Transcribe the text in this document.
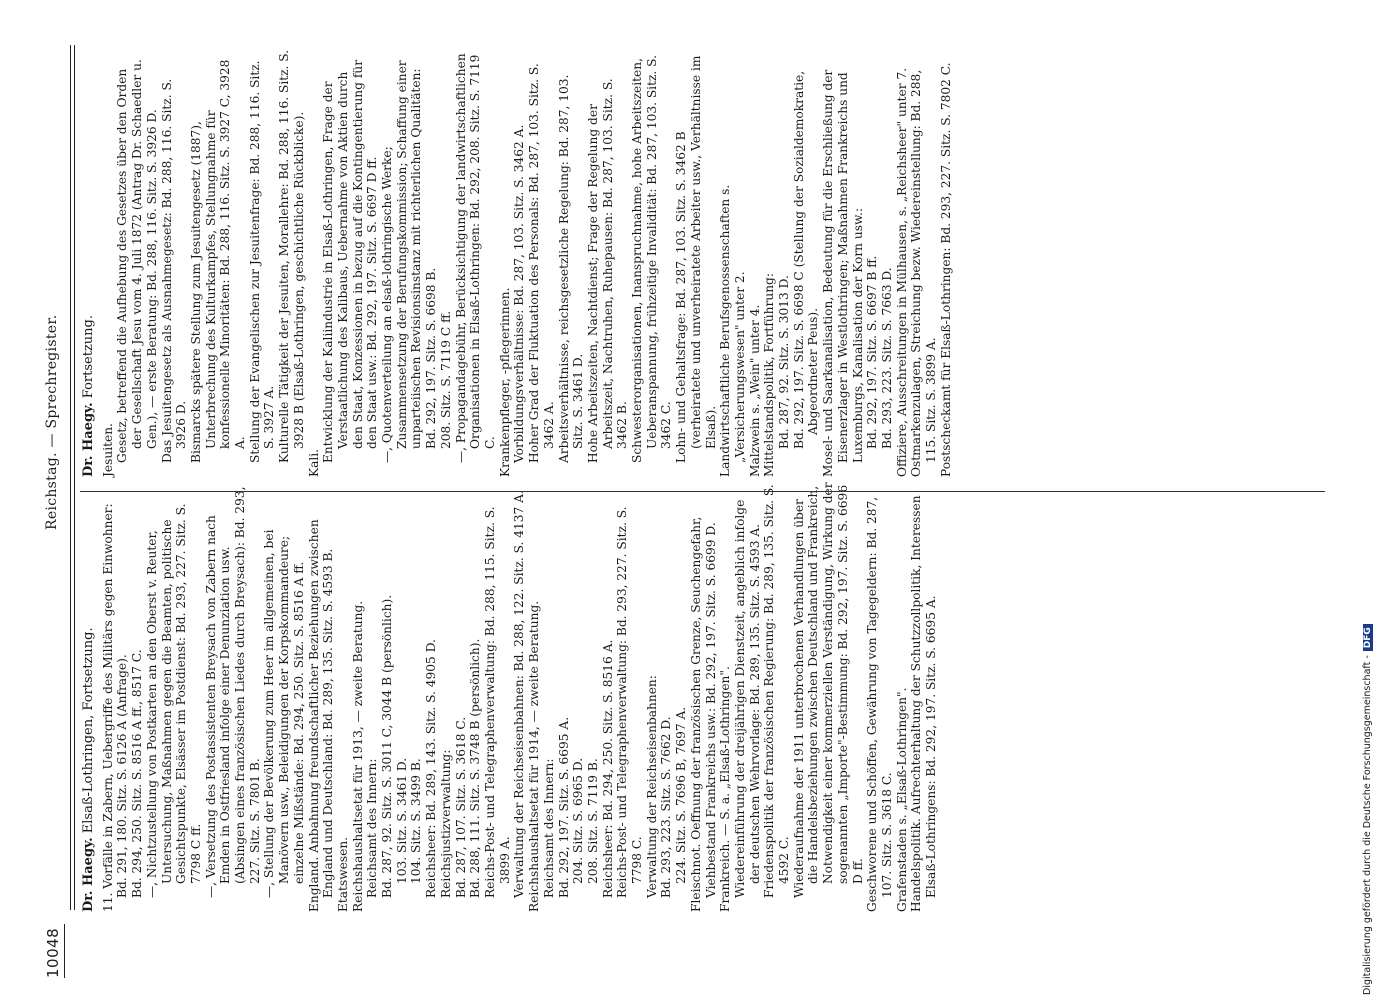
10048
Reichstag. — Sprechregister.

Dr. Haegy. Elsaß-Lothringen, Fortsetzung. 11. Vorfälle in Zabern, Uebergriffe des Militärs gegen Einwohner: Bd. 291, 180. Sitz. S. 6126 A (Anfrage). Bd. 294, 250. Sitz. S. 8516 A ff., 8517 C. —, Nichtzustellung von Postkarten an den Oberst v. Reuter, Untersuchung, Maßnahmen gegen die Beamten, politische Gesichtspunkte, Elsässer im Postdienst: Bd. 293, 227. Sitz. S. 7798 C ff. —, Versetzung des Postassistenten Breysach von Zabern nach Emden in Ostfriesland infolge einer Denunziation usw. (Absingen eines französischen Liedes durch Breysach): Bd. 293, 227. Sitz. S. 7801 B. —, Stellung der Bevölkerung zum Heer im allgemeinen, bei Manövern usw., Beleidigungen der Korpskommandeure; einzelne Mißstände: Bd. 294, 250. Sitz. S. 8516 A ff. England. Anbahnung freundschaftlicher Beziehungen zwischen England und Deutschland: Bd. 289, 135. Sitz. S. 4593 B. Etatswesen. Reichshaushaltsetat für 1913, — zweite Beratung. Reichsamt des Innern: Bd. 287, 92. Sitz. S. 3011 C, 3044 B (persönlich). 103. Sitz. S. 3461 D. 104. Sitz. S. 3499 B. Reichsheer: Bd. 289, 143. Sitz. S. 4905 D. Reichsjustizverwaltung: Bd. 287, 107. Sitz. S. 3618 C. Bd. 288, 111. Sitz. S. 3748 B (persönlich). Reichs-Post- und Telegraphenverwaltung: Bd. 288, 115. Sitz. S. 3899 A. Verwaltung der Reichseisenbahnen: Bd. 288, 122. Sitz. S. 4137 A. Reichshaushaltsetat für 1914, — zweite Beratung. Reichsamt des Innern: Bd. 292, 197. Sitz. S. 6695 A. 204. Sitz. S. 6965 D. 208. Sitz. S. 7119 B. Reichsheer: Bd. 294, 250. Sitz. S. 8516 A. Reichs-Post- und Telegraphenverwaltung: Bd. 293, 227. Sitz. S. 7798 C. Verwaltung der Reichseisenbahnen: Bd. 293, 223. Sitz. S. 7662 D. 224. Sitz. S. 7696 B, 7697 A. Fleischnot. Oeffnung der französischen Grenze, Seuchengefahr, Viehbestand Frankreichs usw.: Bd. 292, 197. Sitz. S. 6699 D. Frankreich. — S. a. „Elsaß-Lothringen". Wiedereinführung der dreijährigen Dienstzeit, angeblich infolge der deutschen Wehrvorlage: Bd. 289, 135. Sitz. S. 4593 A. Friedenspolitik der französischen Regierung: Bd. 289, 135. Sitz. S. 4592 C. Wiederaufnahme der 1911 unterbrochenen Verhandlungen über die Handelsbeziehungen zwischen Deutschland und Frankreich, Notwendigkeit einer kommerziellen Verständigung, Wirkung der sogenannten „Importe"-Bestimmung: Bd. 292, 197. Sitz. S. 6696 D ff. Geschworene und Schöffen, Gewährung von Tagegeldern: Bd. 287, 107. Sitz. S. 3618 C. Grafenstaden s. „Elsaß-Lothringen". Handelspolitik. Aufrechterhaltung der Schutzzollpolitik, Interessen Elsaß-Lothringens: Bd. 292, 197. Sitz. S. 6695 A.

Dr. Haegy. Fortsetzung.

Jesuiten. Gesetz, betreffend die Aufhebung des Gesetzes über den Orden der Gesellschaft Jesu vom 4. Juli 1872 (Antrag Dr. Schaedler u. Gen.), — erste Beratung: Bd. 288, 116. Sitz. S. 3926 D. Das Jesuitengesetz als Ausnahmegesetz: Bd. 288, 116. Sitz. S. 3926 D. Bismarcks spätere Stellung zum Jesuitengesetz (1887), Unterbrechung des Kulturkampfes, Stellungnahme für konfessionelle Minoritäten: Bd. 288, 116. Sitz. S. 3927 C, 3928 A. Stellung der Evangelischen zur Jesuitenfrage: Bd. 288, 116. Sitz. S. 3927 A. Kulturelle Tätigkeit der Jesuiten, Morallehre: Bd. 288, 116. Sitz. S. 3928 B (Elsaß-Lothringen, geschichtliche Rückblicke).

Kali. Entwicklung der Kaliindustrie in Elsaß-Lothringen, Frage der Verstaatlichung des Kalibaus, Uebernahme von Aktien durch den Staat, Konzessionen in bezug auf die Kontingentierung für den Staat usw.: Bd. 292, 197. Sitz. S. 6697 D ff. —, Quotenverteilung an elsaß-lothringische Werke; Zusammensetzung der Berufungskommission; Schaffung einer unparteiischen Revisionsinstanz mit richterlichen Qualitäten: Bd. 292, 197. Sitz. S. 6698 B. 208. Sitz. S. 7119 C ff. —, Propagandagebühr, Berücksichtigung der landwirtschaftlichen Organisationen in Elsaß-Lothringen: Bd. 292, 208. Sitz. S. 7119 C. Krankenpfleger, -pflegerinnen. Vorbildungsverhältnisse: Bd. 287, 103. Sitz. S. 3462 A. Hoher Grad der Fluktuation des Personals: Bd. 287, 103. Sitz. S. 3462 A. Arbeitsverhältnisse, reichsgesetzliche Regelung: Bd. 287, 103. Sitz. S. 3461 D. Hohe Arbeitszeiten, Nachtdienst; Frage der Regelung der Arbeitszeit, Nachtruhen, Ruhepausen: Bd. 287, 103. Sitz. S. 3462 B. Schwesterorganisationen, Inanspruchnahme, hohe Arbeitszeiten, Ueberanspannung, frühzeitige Invalidität: Bd. 287, 103. Sitz. S. 3462 C. Lohn- und Gehaltsfrage: Bd. 287, 103. Sitz. S. 3462 B (verheiratete und unverheiratete Arbeiter usw., Verhältnisse im Elsaß). Landwirtschaftliche Berufsgenossenschaften s. „Versicherungswesen" unter 2. Malzwein s. „Wein" unter 4. Mittelstandspolitik, Fortführung: Bd. 287, 92. Sitz. S. 3013 D. Bd. 292, 197. Sitz. S. 6698 C (Stellung der Sozialdemokratie, Abgeordneter Peus). Mosel- und Saarkanalisation, Bedeutung für die Erschließung der Eisenerzlager in Westlothringen; Maßnahmen Frankreichs und Luxemburgs, Kanalisation der Korn usw.: Bd. 292, 197. Sitz. S. 6697 B ff. Bd. 293, 223. Sitz. S. 7663 D. Offiziere, Ausschreitungen in Mülhausen, s. „Reichsheer" unter 7. Ostmarkenzulagen, Streichung bezw. Wiedereinstellung: Bd. 288, 115. Sitz. S. 3899 A. Postscheckamt für Elsaß-Lothringen: Bd. 293, 227. Sitz. S. 7802 C.

Digitalisierung gefördert durch die Deutsche Forschungsgemeinschaft -DFG
